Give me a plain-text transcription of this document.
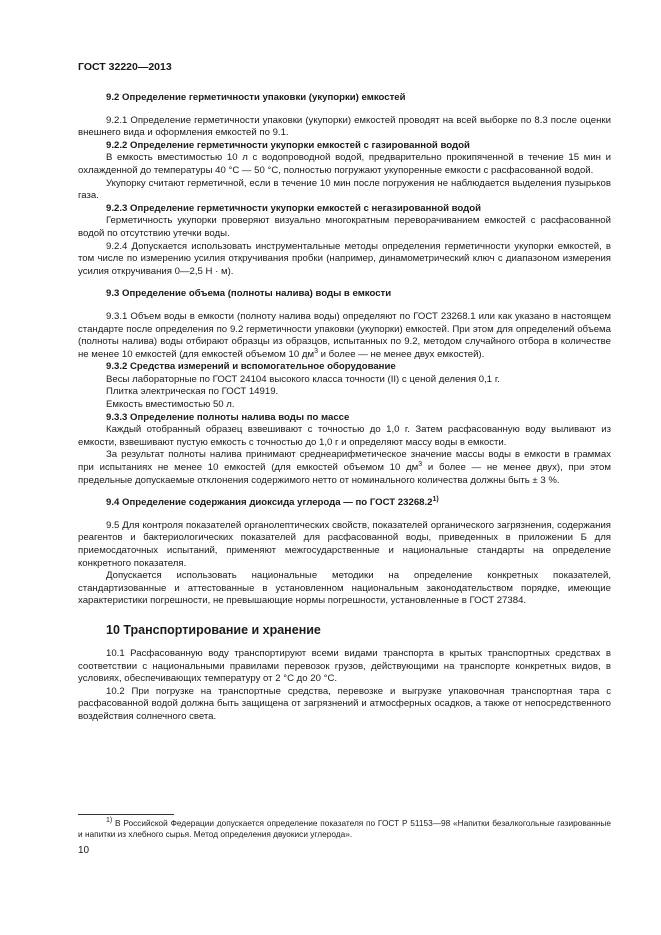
ГОСТ 32220—2013

9.2 Определение герметичности упаковки (укупорки) емкостей

9.2.1 Определение герметичности упаковки (укупорки) емкостей проводят на всей выборке по 8.3 после оценки внешнего вида и оформления емкостей по 9.1.

9.2.2 Определение герметичности укупорки емкостей с газированной водой

В емкость вместимостью 10 л с водопроводной водой, предварительно прокипяченной в течение 15 мин и охлажденной до температуры 40 °С — 50 °С, полностью погружают укупоренные емкости с расфасованной водой.

Укупорку считают герметичной, если в течение 10 мин после погружения не наблюдается выделения пузырьков газа.

9.2.3 Определение герметичности укупорки емкостей с негазированной водой

Герметичность укупорки проверяют визуально многократным переворачиванием емкостей с расфасованной водой по отсутствию утечки воды.

9.2.4 Допускается использовать инструментальные методы определения герметичности укупорки емкостей, в том числе по измерению усилия откручивания пробки (например, динамометрический ключ с диапазоном измерения усилия откручивания 0—2,5 Н · м).

9.3 Определение объема (полноты налива) воды в емкости

9.3.1 Объем воды в емкости (полноту налива воды) определяют по ГОСТ 23268.1 или как указано в настоящем стандарте после определения по 9.2 герметичности упаковки (укупорки) емкостей. При этом для определений объема (полноты налива) воды отбирают образцы из образцов, испытанных по 9.2, методом случайного отбора в количестве не менее 10 емкостей (для емкостей объемом 10 $дм^3$ и более — не менее двух емкостей).

9.3.2 Средства измерений и вспомогательное оборудование

Весы лабораторные по ГОСТ 24104 высокого класса точности (II) с ценой деления 0,1 г.

Плитка электрическая по ГОСТ 14919.

Емкость вместимостью 50 л.

9.3.3 Определение полноты налива воды по массе

Каждый отобранный образец взвешивают с точностью до 1,0 г. Затем расфасованную воду выливают из емкости, взвешивают пустую емкость с точностью до 1,0 г и определяют массу воды в емкости.

За результат полноты налива принимают среднеарифметическое значение массы воды в емкости в граммах при испытаниях не менее 10 емкостей (для емкостей объемом 10 $дм^3$ и более — не менее двух), при этом предельные допускаемые отклонения содержимого нетто от номинального количества должны быть ± 3 %.

9.4 Определение содержания диоксида углерода — по ГОСТ 23268.2$^{1)}$

9.5 Для контроля показателей органолептических свойств, показателей органического загрязнения, содержания реагентов и бактериологических показателей для расфасованной воды, приведенных в приложении Б для приемосдаточных испытаний, применяют межгосударственные и национальные стандарты на определение конкретного показателя.

Допускается использовать национальные методики на определение конкретных показателей, стандартизованные и аттестованные в установленном национальным законодательством порядке, имеющие характеристики погрешности, не превышающие нормы погрешности, установленные в ГОСТ 27384.

10 Транспортирование и хранение

10.1 Расфасованную воду транспортируют всеми видами транспорта в крытых транспортных средствах в соответствии с национальными правилами перевозок грузов, действующими на транспорте конкретных видов, в условиях, обеспечивающих температуру от 2 °С до 20 °С.

10.2 При погрузке на транспортные средства, перевозке и выгрузке упаковочная транспортная тара с расфасованной водой должна быть защищена от загрязнений и атмосферных осадков, а также от непосредственного воздействия солнечного света.

$^{1)}$ В Российской Федерации допускается определение показателя по ГОСТ Р 51153—98 «Напитки безалкогольные газированные и напитки из хлебного сырья. Метод определения двуокиси углерода».

10
